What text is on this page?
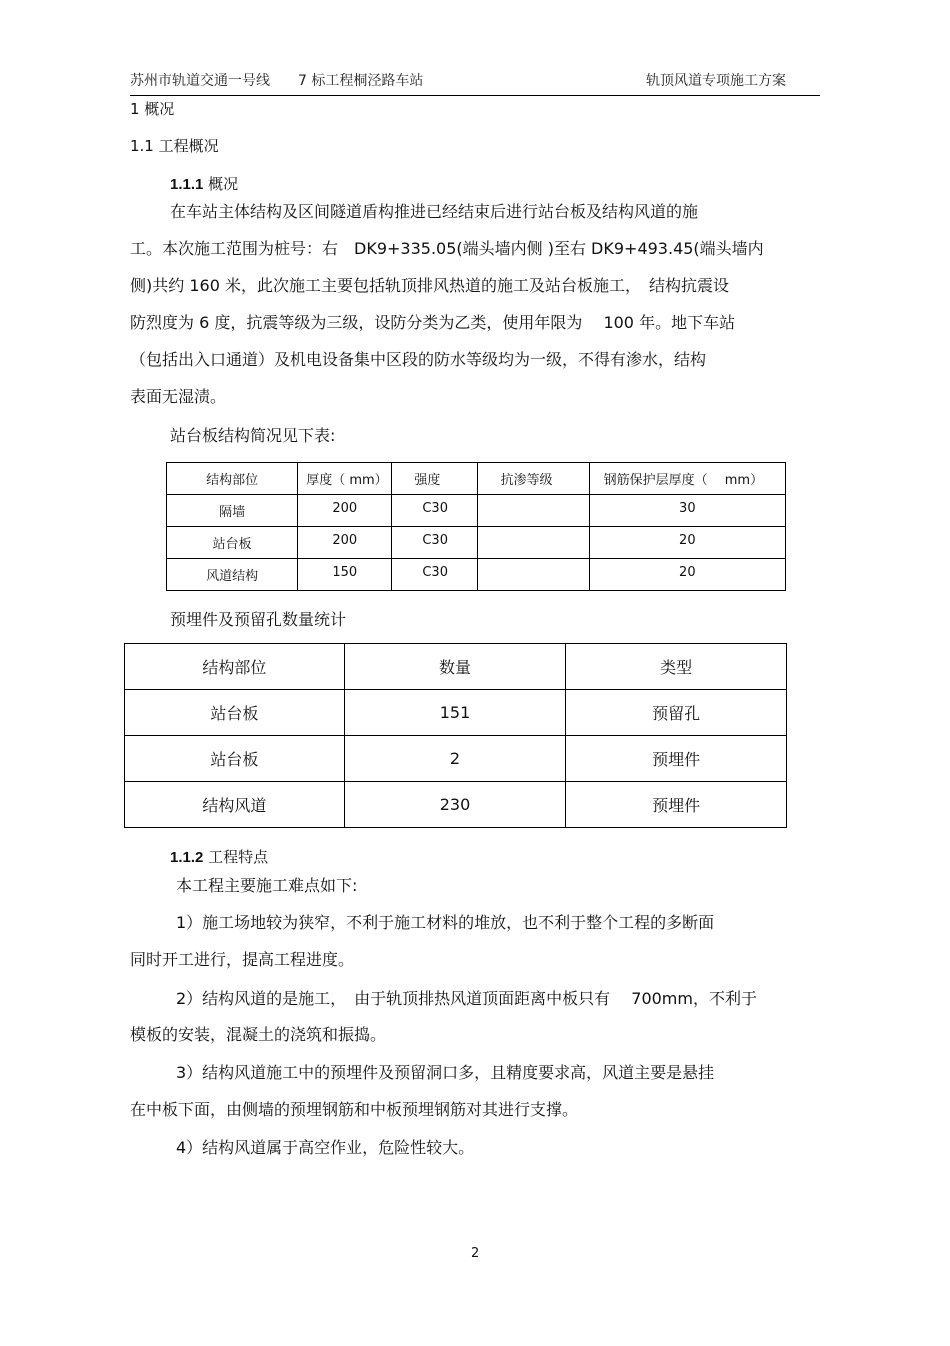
苏州市轨道交通一号线　　7 标工程桐泾路车站	轨顶风道专项施工方案
1 概况
1.1 工程概况
1.1.1 概况
在车站主体结构及区间隧道盾构推进已经结束后进行站台板及结构风道的施
工。本次施工范围为桩号：右　DK9+335.05(端头墙内侧 )至右 DK9+493.45(端头墙内
侧)共约 160 米，此次施工主要包括轨顶排风热道的施工及站台板施工，　结构抗震设
防烈度为 6 度，抗震等级为三级，设防分类为乙类，使用年限为　 100 年。地下车站
（包括出入口通道）及机电设备集中区段的防水等级均为一级，不得有渗水，结构
表面无湿渍。
站台板结构简况见下表:
结构部位	厚度（ mm）	强度	抗渗等级	钢筋保护层厚度（　 mm）
隔墙	200	C30		30
站台板	200	C30		20
风道结构	150	C30		20
预埋件及预留孔数量统计
结构部位	数量	类型
站台板	151	预留孔
站台板	2	预埋件
结构风道	230	预埋件
1.1.2 工程特点
本工程主要施工难点如下:
1）施工场地较为狭窄，不利于施工材料的堆放，也不利于整个工程的多断面
同时开工进行，提高工程进度。
2）结构风道的是施工，　由于轨顶排热风道顶面距离中板只有　 700mm，不利于
模板的安装，混凝土的浇筑和振捣。
3）结构风道施工中的预埋件及预留洞口多，且精度要求高，风道主要是悬挂
在中板下面，由侧墙的预埋钢筋和中板预埋钢筋对其进行支撑。
4）结构风道属于高空作业，危险性较大。
2
